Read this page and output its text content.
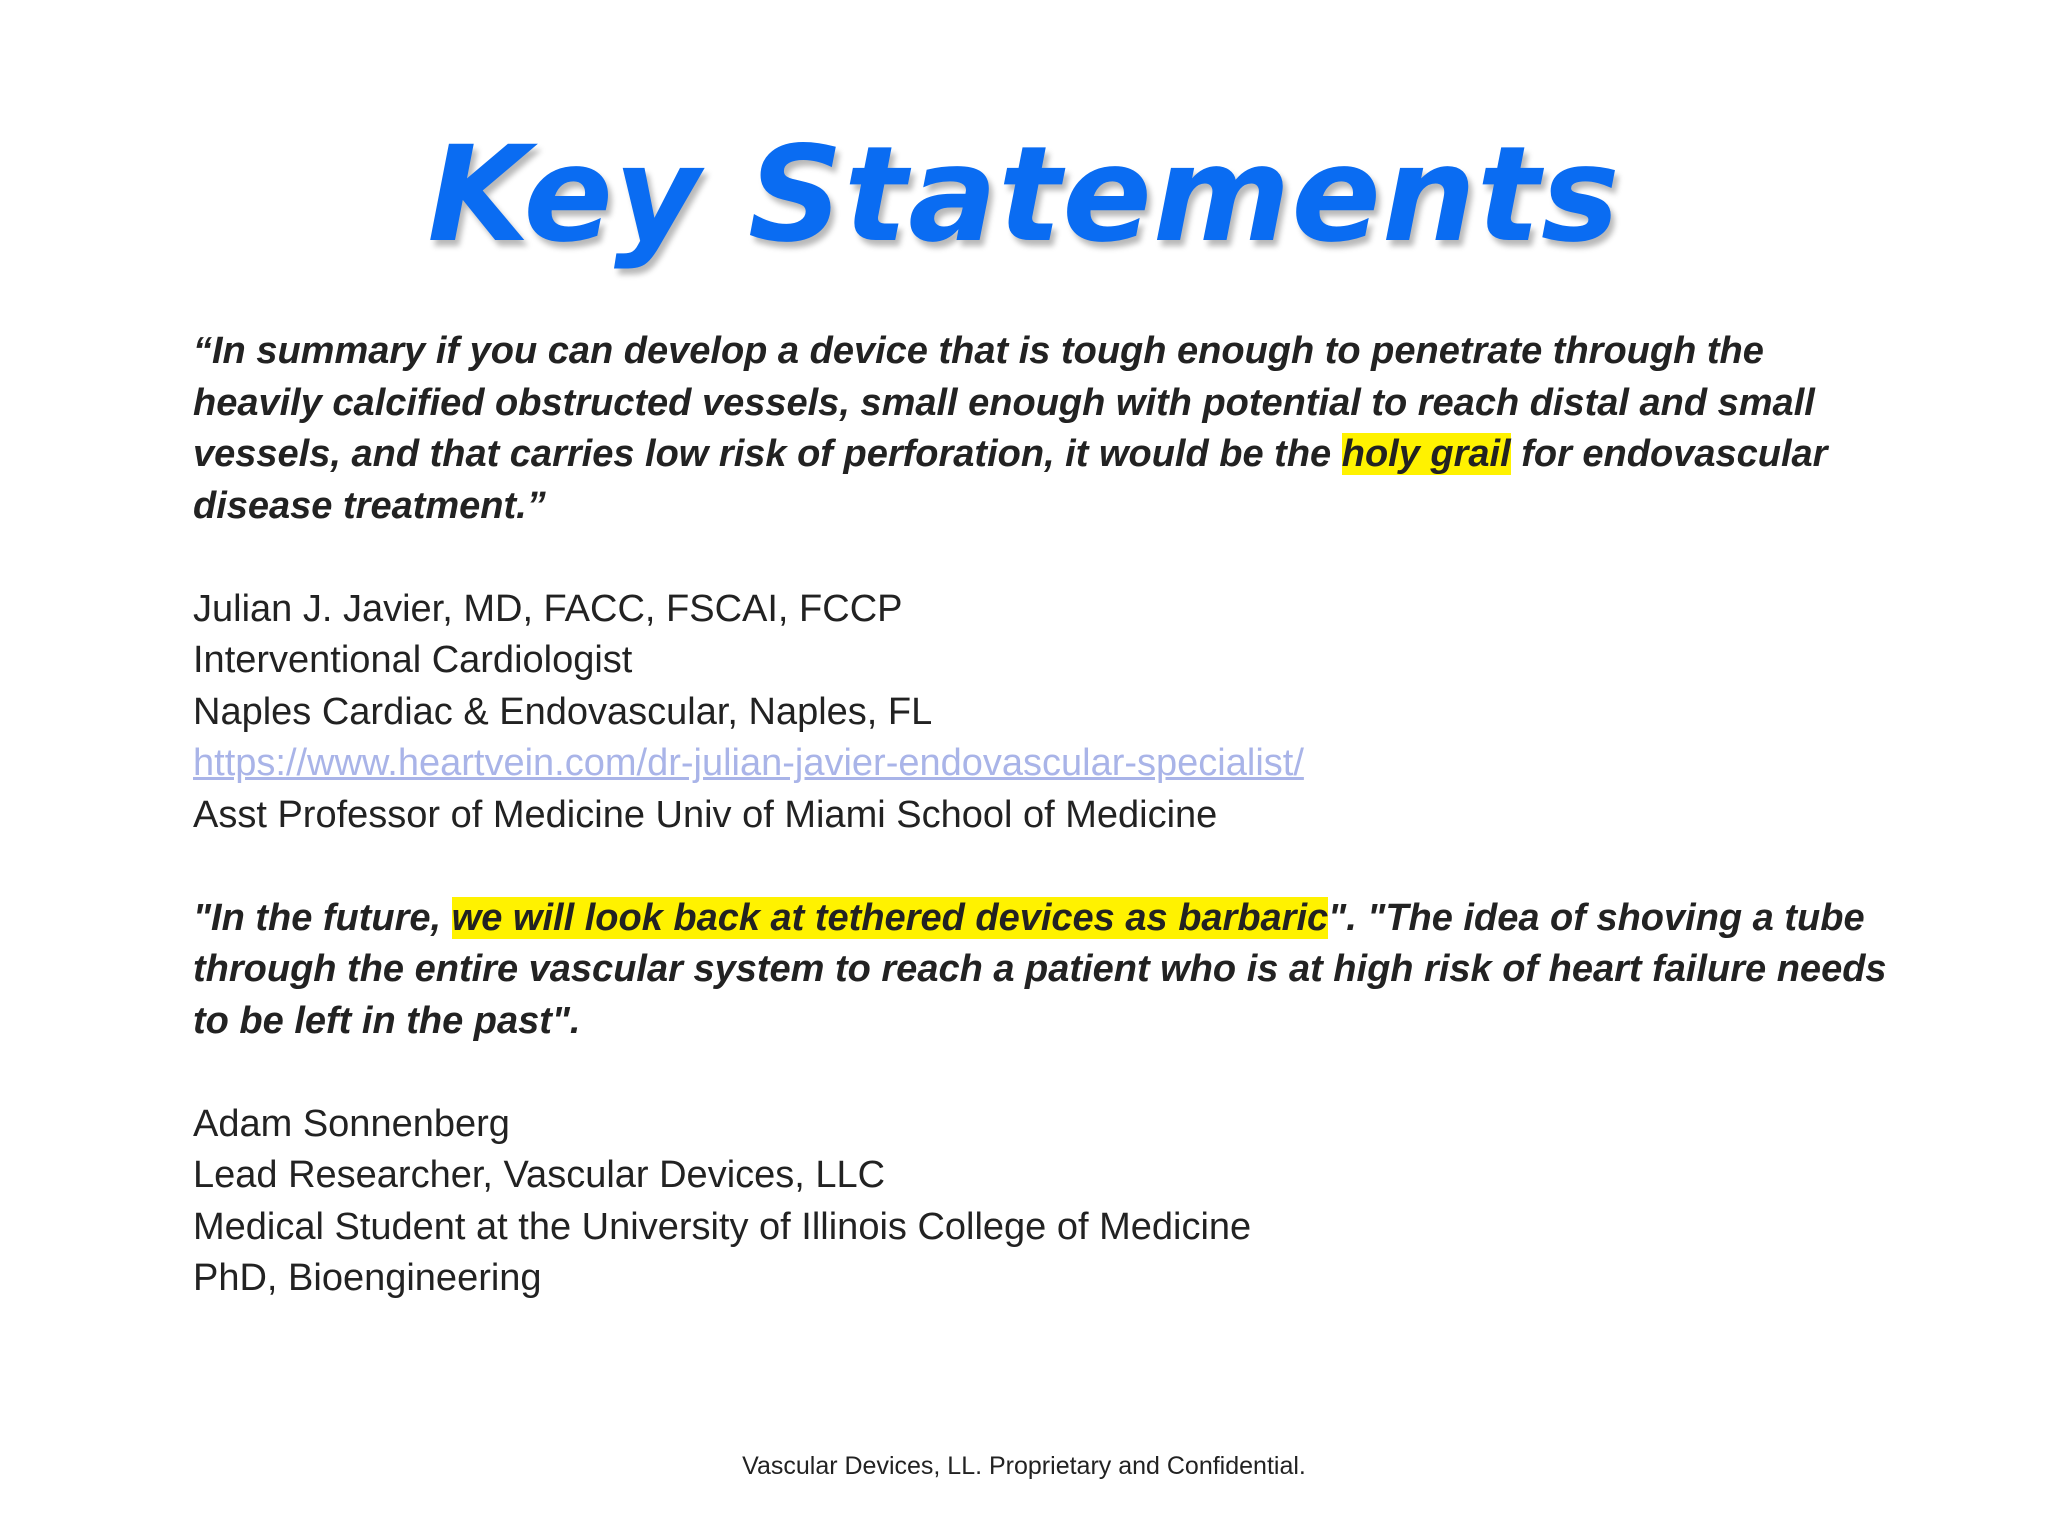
Key Statements

“In summary if you can develop a device that is tough enough to penetrate through the heavily calcified obstructed vessels, small enough with potential to reach distal and small vessels, and that carries low risk of perforation, it would be the holy grail for endovascular disease treatment.”

Julian J. Javier, MD, FACC, FSCAI, FCCP
Interventional Cardiologist
Naples Cardiac & Endovascular, Naples, FL
https://www.heartvein.com/dr-julian-javier-endovascular-specialist/
Asst Professor of Medicine Univ of Miami School of Medicine

"In the future, we will look back at tethered devices as barbaric". "The idea of shoving a tube through the entire vascular system to reach a patient who is at high risk of heart failure needs to be left in the past".

Adam Sonnenberg
Lead Researcher, Vascular Devices, LLC
Medical Student at the University of Illinois College of Medicine
PhD, Bioengineering
Vascular Devices, LL. Proprietary and Confidential.
